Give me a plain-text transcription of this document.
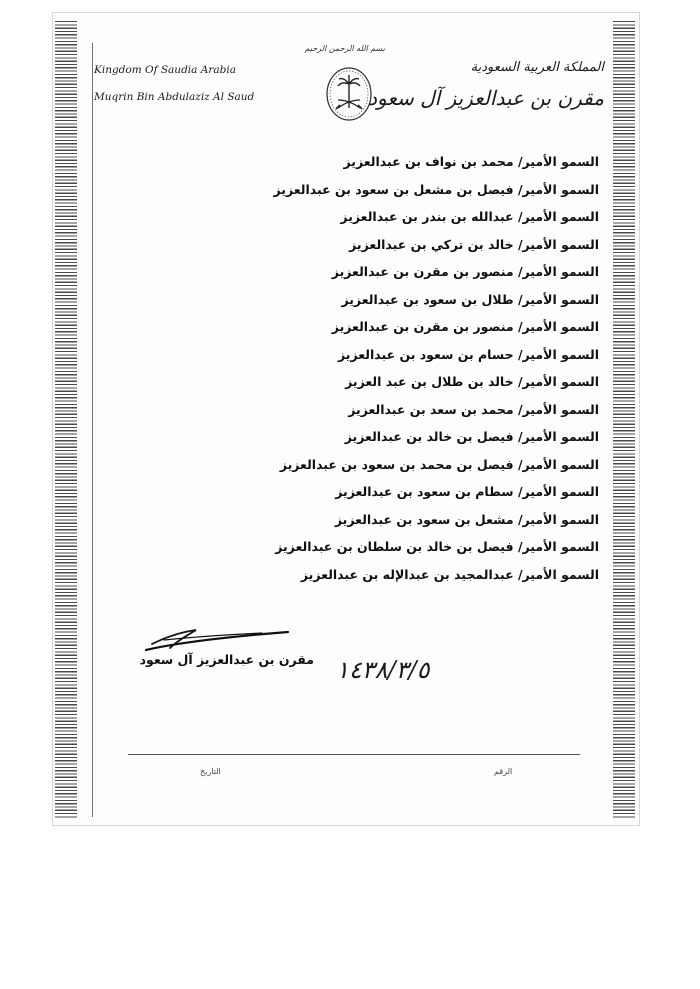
Kingdom Of Saudia Arabia
Muqrin Bin Abdulaziz Al Saud
بسم الله الرحمن الرحيم
المملكة العربية السعودية
مقرن بن عبدالعزيز آل سعود
السمو الأمير/ محمد بن نواف بن عبدالعزيز
السمو الأمير/ فيصل بن مشعل بن سعود بن عبدالعزيز
السمو الأمير/ عبدالله بن بندر بن عبدالعزيز
السمو الأمير/ خالد بن تركي بن عبدالعزيز
السمو الأمير/ منصور بن مقرن بن عبدالعزيز
السمو الأمير/ طلال بن سعود بن عبدالعزيز
السمو الأمير/ منصور بن مقرن بن عبدالعزيز
السمو الأمير/ حسام بن سعود بن عبدالعزيز
السمو الأمير/ خالد بن طلال بن عبد العزيز
السمو الأمير/ محمد بن سعد بن عبدالعزيز
السمو الأمير/ فيصل بن خالد بن عبدالعزيز
السمو الأمير/ فيصل بن محمد بن سعود بن عبدالعزيز
السمو الأمير/ سطام بن سعود بن عبدالعزيز
السمو الأمير/ مشعل بن سعود بن عبدالعزيز
السمو الأمير/ فيصل بن خالد بن سلطان بن عبدالعزيز
السمو الأمير/ عبدالمجيد بن عبدالإله بن عبدالعزيز
مقرن بن عبدالعزيز آل سعود ١٤٣٨/٣/٥
التاريخ	الرقم
